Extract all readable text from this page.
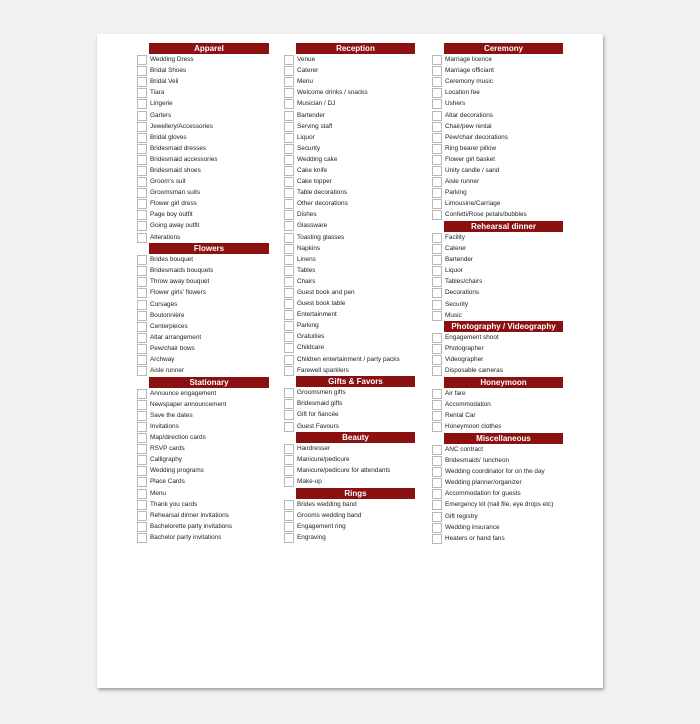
Apparel
Wedding Dress
Bridal Shoes
Bridal Veil
Tiara
Lingerie
Garters
Jewellery/Accessories
Bridal gloves
Bridesmaid dresses
Bridesmaid accessories
Bridesmaid shoes
Groom's suit
Groomsman suits
Flower girl dress
Page boy outfit
Going away outfit
Alterations
Flowers
Brides bouquet
Bridesmaids bouquets
Throw away bouquet
Flower girls' flowers
Corsages
Boutonnière
Centerpieces
Altar arrangement
Pew/chair bows
Archway
Aisle runner
Stationary
Announce engagement
Newspaper announcement
Save the dates
Invitations
Map/direction cards
RSVP cards
Calligraphy
Wedding programs
Place Cards
Menu
Thank you cards
Rehearsal dinner invitations
Bachelorette party invitations
Bachelor party invitations
Reception
Venue
Caterer
Menu
Welcome drinks / snacks
Musician / DJ
Bartender
Serving staff
Liquor
Security
Wedding cake
Cake knife
Cake topper
Table decorations
Other decorations
Dishes
Glassware
Toasting glasses
Napkins
Linens
Tables
Chairs
Guest book and pen
Guest book table
Entertainment
Parking
Gratuities
Childcare
Children entertainment / party packs
Farewell sparklers
Gifts & Favors
Groomsmen gifts
Bridesmaid gifts
Gift for fiancée
Guest Favours
Beauty
Hairdresser
Manicure/pedicure
Manicure/pedicure for attendants
Make-up
Rings
Brides wedding band
Grooms wedding band
Engagement ring
Engraving
Ceremony
Marriage licence
Marriage officiant
Ceremony music
Location fee
Ushers
Altar decorations
Chair/pew rental
Pew/chair decorations
Ring bearer pillow
Flower girl basket
Unity candle / sand
Aisle runner
Parking
Limousine/Carriage
Confetti/Rose petals/bubbles
Rehearsal dinner
Facility
Caterer
Bartender
Liquor
Tables/chairs
Decorations
Security
Music
Photography / Videography
Engagement shoot
Photographer
Videographer
Disposable cameras
Honeymoon
Air fare
Accommodation
Rental Car
Honeymoon clothes
Miscellaneous
ANC contract
Bridesmaids' luncheon
Wedding coordinator for on the day
Wedding planner/organizer
Accommodation for guests
Emergency kit (nail file, eye drops etc)
Gift registry
Wedding insurance
Heaters or hand fans
